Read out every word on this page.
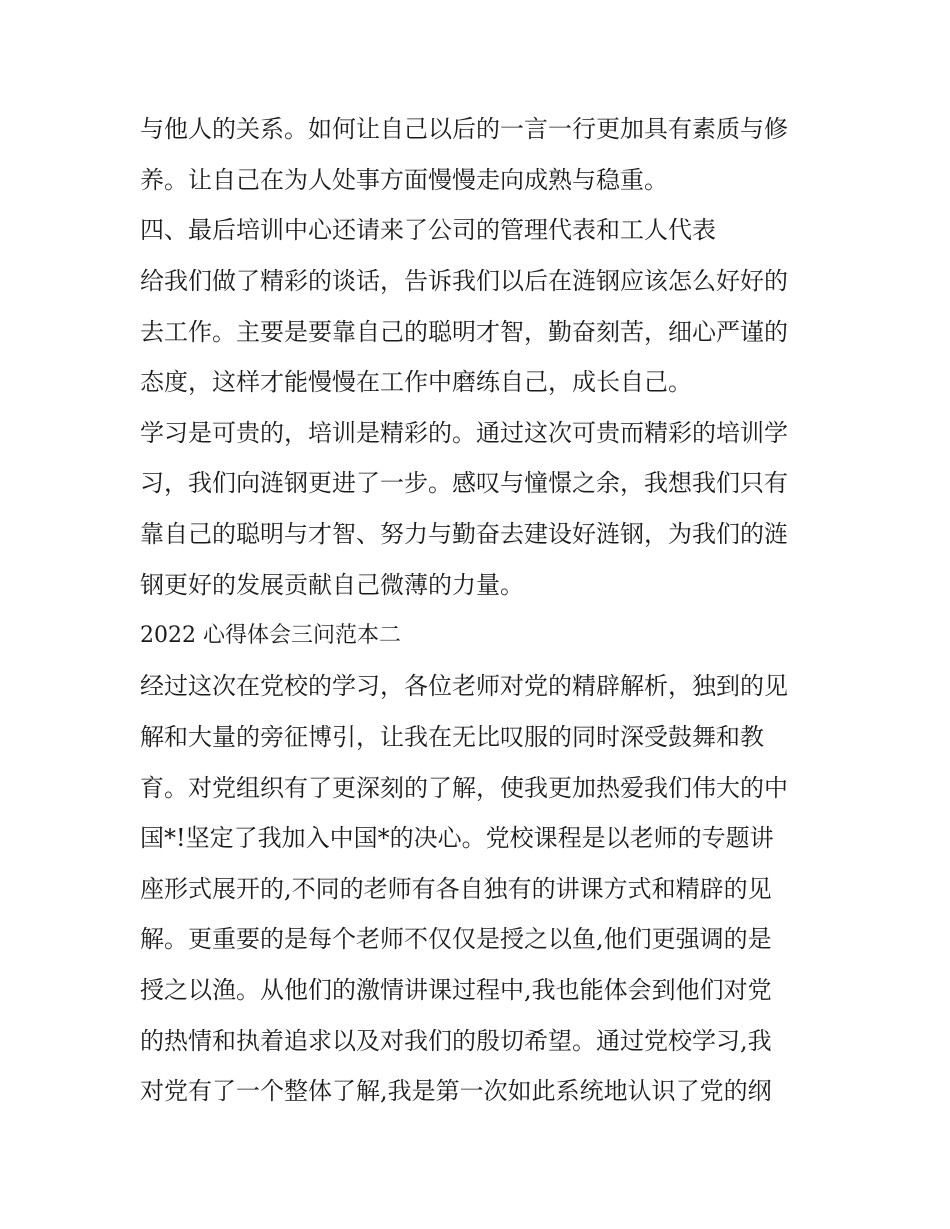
与他人的关系。如何让自己以后的一言一行更加具有素质与修
养。让自己在为人处事方面慢慢走向成熟与稳重。
四、最后培训中心还请来了公司的管理代表和工人代表
给我们做了精彩的谈话，告诉我们以后在涟钢应该怎么好好的
去工作。主要是要靠自己的聪明才智，勤奋刻苦，细心严谨的
态度，这样才能慢慢在工作中磨练自己，成长自己。
学习是可贵的，培训是精彩的。通过这次可贵而精彩的培训学
习，我们向涟钢更进了一步。感叹与憧憬之余，我想我们只有
靠自己的聪明与才智、努力与勤奋去建设好涟钢，为我们的涟
钢更好的发展贡献自己微薄的力量。
2022 心得体会三问范本二
经过这次在党校的学习，各位老师对党的精辟解析，独到的见
解和大量的旁征博引，让我在无比叹服的同时深受鼓舞和教
育。对党组织有了更深刻的了解，使我更加热爱我们伟大的中
国*!坚定了我加入中国*的决心。党校课程是以老师的专题讲
座形式展开的,不同的老师有各自独有的讲课方式和精辟的见
解。更重要的是每个老师不仅仅是授之以鱼,他们更强调的是
授之以渔。从他们的激情讲课过程中,我也能体会到他们对党
的热情和执着追求以及对我们的殷切希望。通过党校学习,我
对党有了一个整体了解,我是第一次如此系统地认识了党的纲
